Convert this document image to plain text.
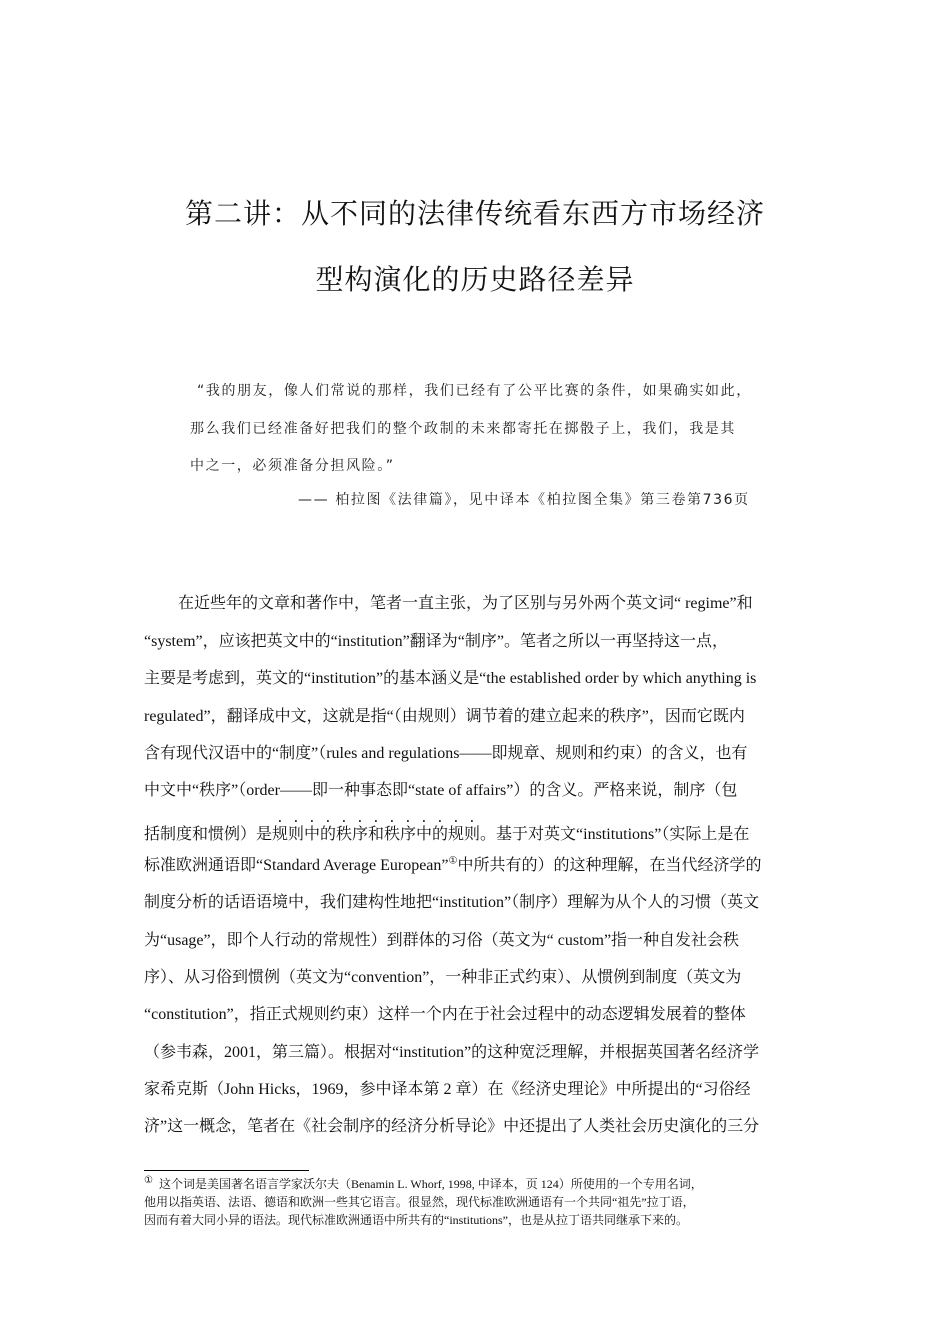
第二讲：从不同的法律传统看东西方市场经济
型构演化的历史路径差异
“我的朋友，像人们常说的那样，我们已经有了公平比赛的条件，如果确实如此，
那么我们已经准备好把我们的整个政制的未来都寄托在掷骰子上，我们，我是其
中之一，必须准备分担风险。”
—— 柏拉图《法律篇》，见中译本《柏拉图全集》第三卷第736页
在近些年的文章和著作中，笔者一直主张，为了区别与另外两个英文词“ regime”和
“system”，应该把英文中的“institution”翻译为“制序”。笔者之所以一再坚持这一点，
主要是考虑到，英文的“institution”的基本涵义是“the established order by which anything is
regulated”，翻译成中文，这就是指“（由规则）调节着的建立起来的秩序”，因而它既内
含有现代汉语中的“制度”（rules and regulations——即规章、规则和约束）的含义，也有
中文中“秩序”（order——即一种事态即“state of affairs”）的含义。严格来说，制序（包
括制度和惯例）是规则中的秩序和秩序中的规则。基于对英文“institutions”（实际上是在
标准欧洲通语即“Standard Average European”①中所共有的）的这种理解，在当代经济学的
制度分析的话语语境中，我们建构性地把“institution”（制序）理解为从个人的习惯（英文
为“usage”，即个人行动的常规性）到群体的习俗（英文为“ custom”指一种自发社会秩
序）、从习俗到惯例（英文为“convention”，一种非正式约束）、从惯例到制度（英文为
“constitution”，指正式规则约束）这样一个内在于社会过程中的动态逻辑发展着的整体
（参韦森，2001，第三篇）。根据对“institution”的这种宽泛理解，并根据英国著名经济学
家希克斯（John Hicks，1969，参中译本第 2 章）在《经济史理论》中所提出的“习俗经
济”这一概念，笔者在《社会制序的经济分析导论》中还提出了人类社会历史演化的三分
① 这个词是美国著名语言学家沃尔夫（Benamin L. Whorf, 1998, 中译本，页 124）所使用的一个专用名词，
他用以指英语、法语、德语和欧洲一些其它语言。很显然，现代标准欧洲通语有一个共同“祖先”拉丁语，
因而有着大同小异的语法。现代标准欧洲通语中所共有的“institutions”，也是从拉丁语共同继承下来的。
